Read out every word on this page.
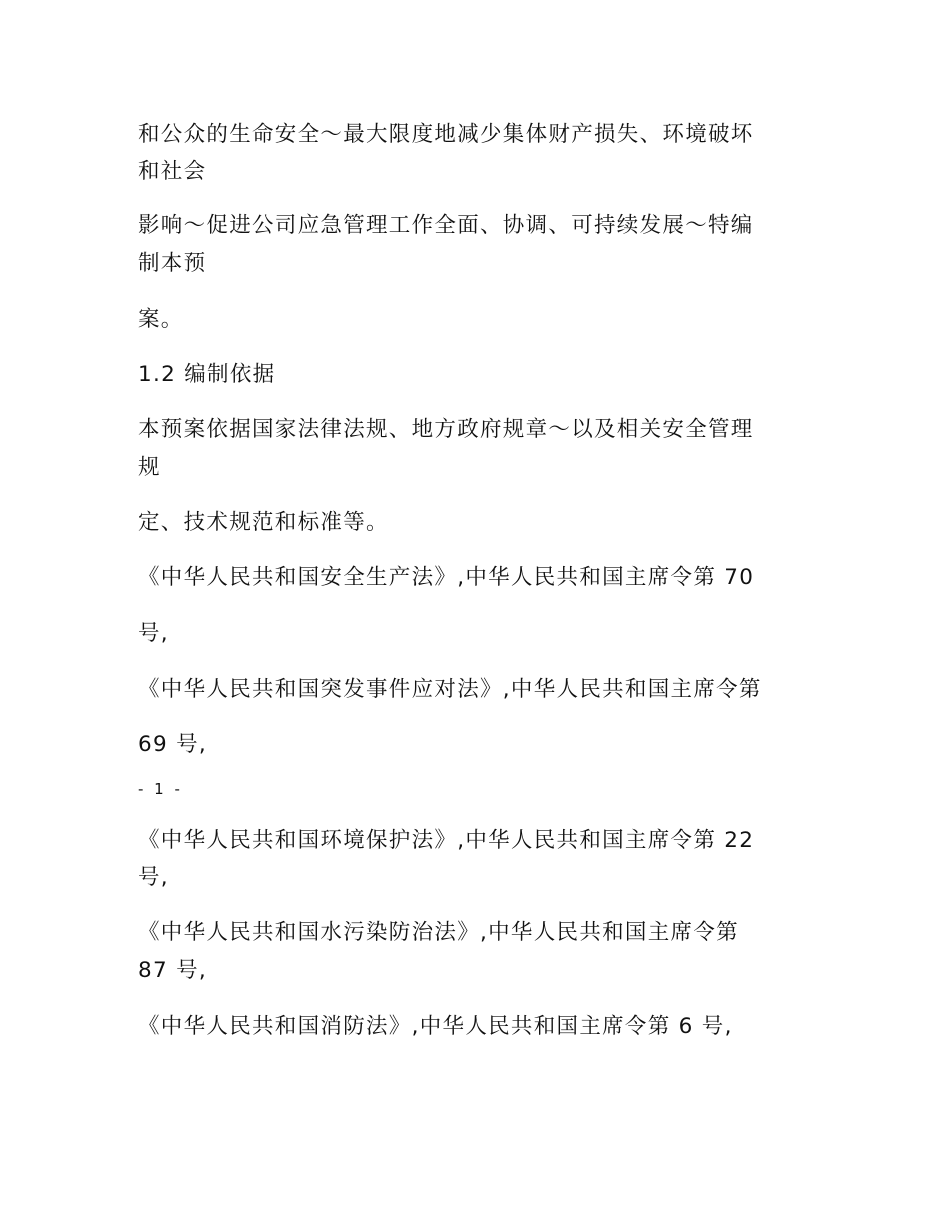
和公众的生命安全～最大限度地减少集体财产损失、环境破坏

和社会

影响～促进公司应急管理工作全面、协调、可持续发展～特编

制本预

案。

1.2 编制依据

本预案依据国家法律法规、地方政府规章～以及相关安全管理

规

定、技术规范和标准等。

《中华人民共和国安全生产法》,中华人民共和国主席令第 70

号,

《中华人民共和国突发事件应对法》,中华人民共和国主席令第

69 号,

- 1 -

《中华人民共和国环境保护法》,中华人民共和国主席令第 22

号,

《中华人民共和国水污染防治法》,中华人民共和国主席令第

87 号,

《中华人民共和国消防法》,中华人民共和国主席令第 6 号,
